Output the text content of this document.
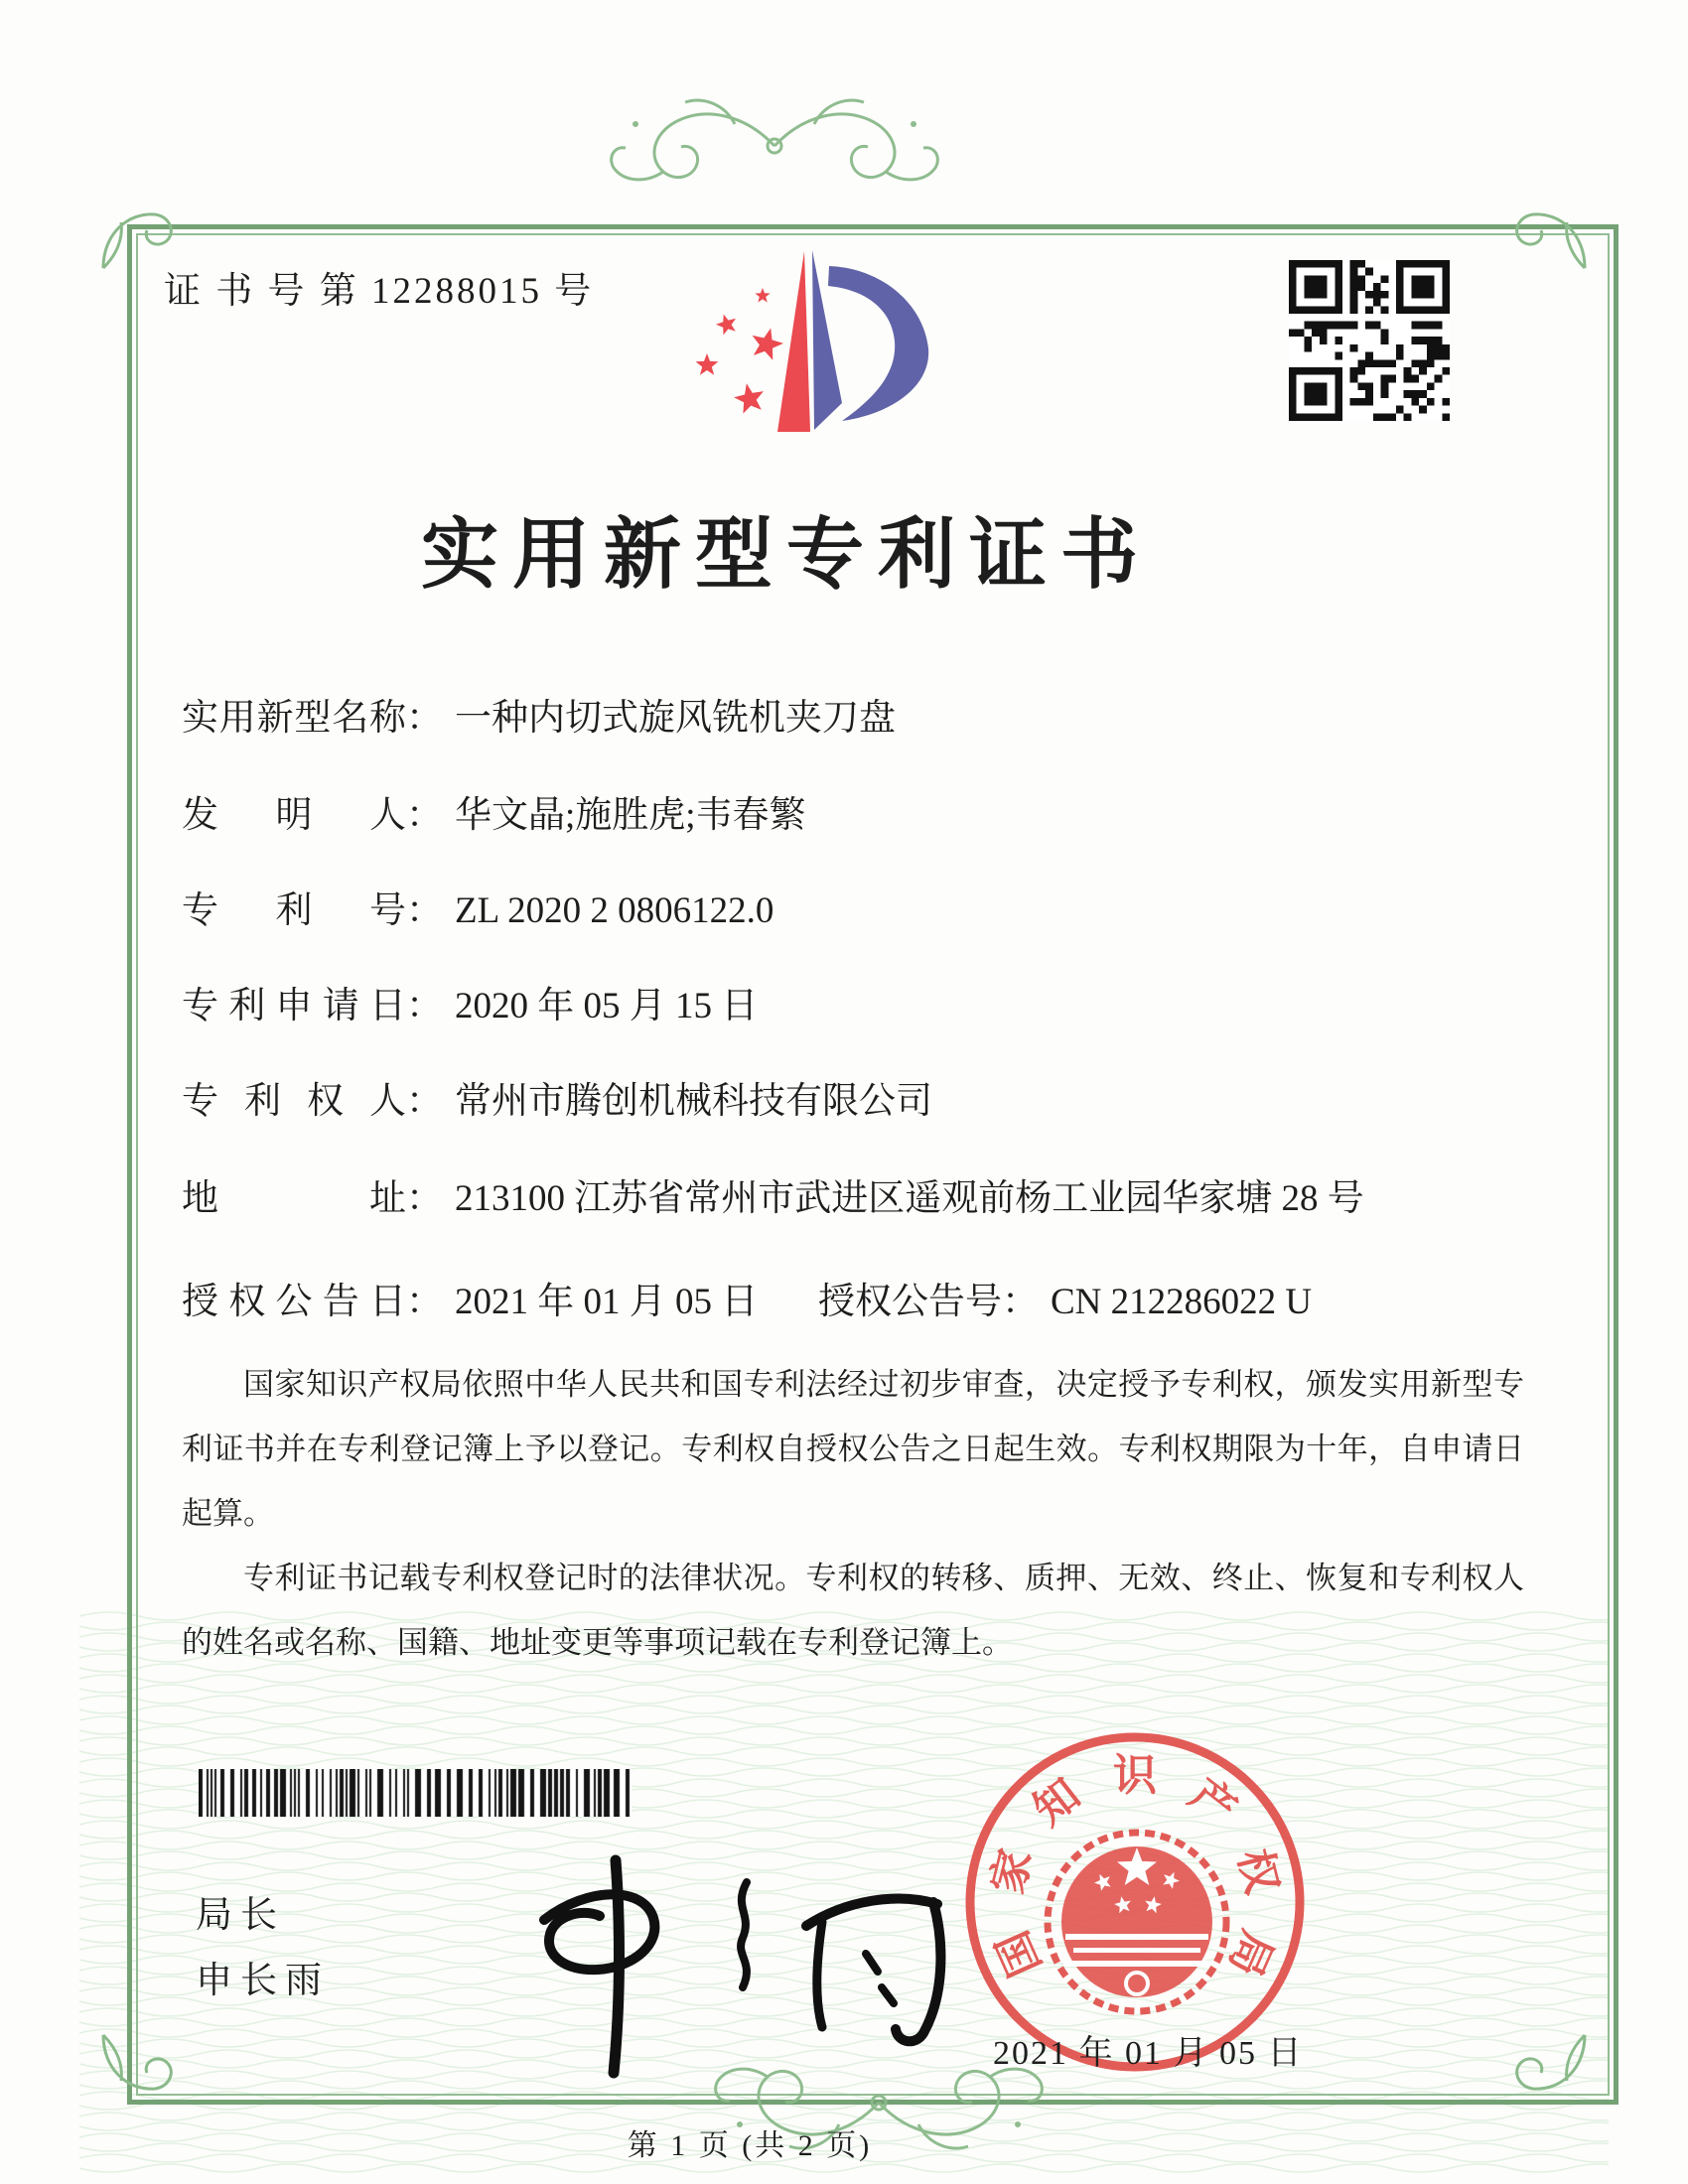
证 书 号 第 12288015 号
实用新型专利证书
实用新型名称： 一种内切式旋风铣机夹刀盘
发明人： 华文晶;施胜虎;韦春繁
专利号： ZL 2020 2 0806122.0
专利申请日： 2020 年 05 月 15 日
专利权人： 常州市腾创机械科技有限公司
地址： 213100 江苏省常州市武进区遥观前杨工业园华家塘 28 号
授权公告日： 2021 年 01 月 05 日 授权公告号： CN 212286022 U

国家知识产权局依照中华人民共和国专利法经过初步审查，决定授予专利权，颁发实用新型专利证书并在专利登记簿上予以登记。专利权自授权公告之日起生效。专利权期限为十年，自申请日起算。

专利证书记载专利权登记时的法律状况。专利权的转移、质押、无效、终止、恢复和专利权人的姓名或名称、国籍、地址变更等事项记载在专利登记簿上。

局长
申长雨	国
家
知 识 产
权
局
2021 年 01 月 05 日
第 1 页 (共 2 页)
